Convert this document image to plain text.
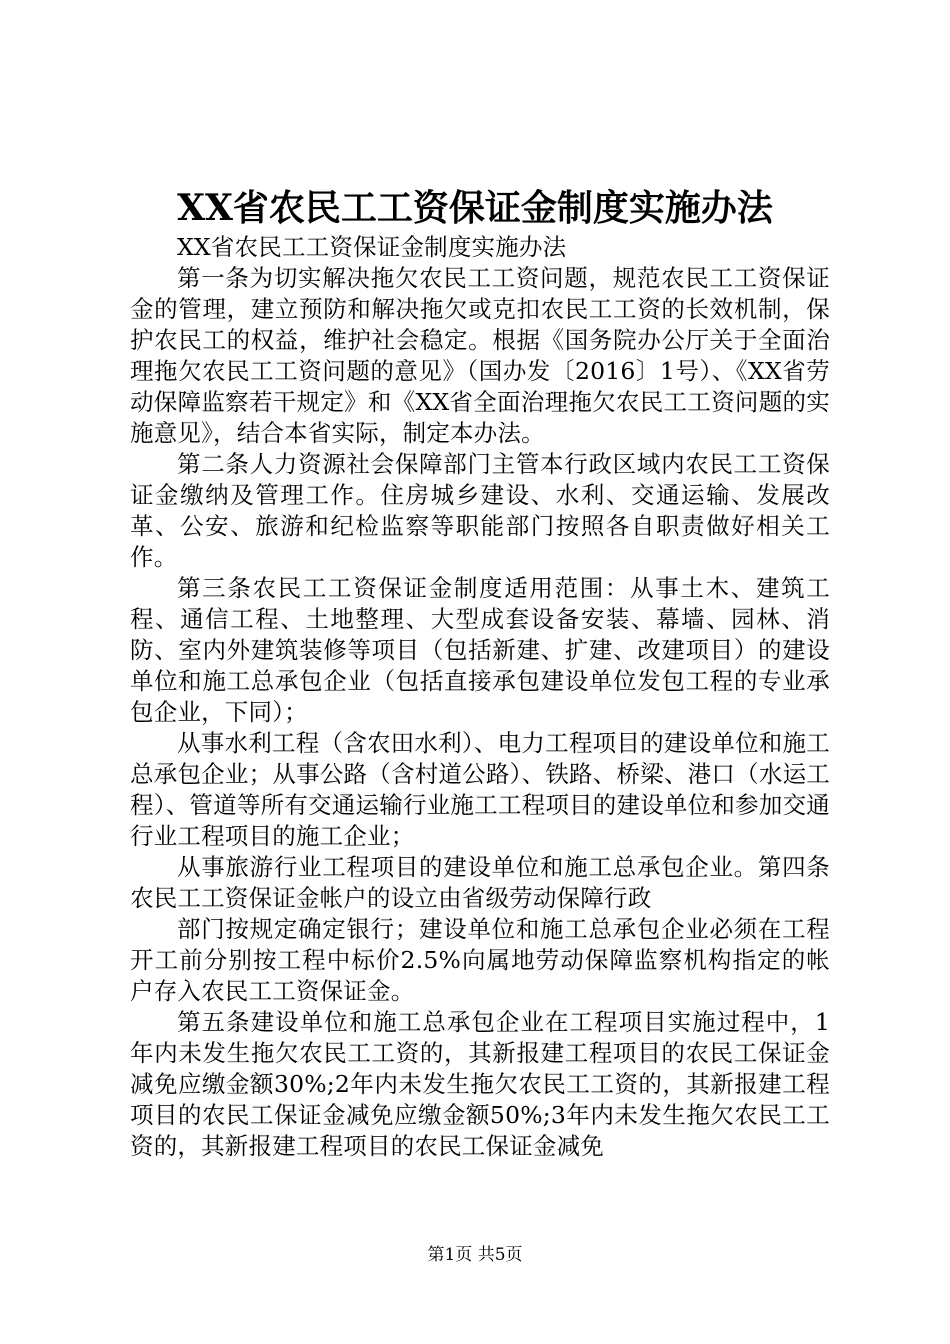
XX省农民工工资保证金制度实施办法

XX省农民工工资保证金制度实施办法

第一条为切实解决拖欠农民工工资问题，规范农民工工资保证金的管理，建立预防和解决拖欠或克扣农民工工资的长效机制，保护农民工的权益，维护社会稳定。根据《国务院办公厅关于全面治理拖欠农民工工资问题的意见》（国办发〔2016〕1号）、《XX省劳动保障监察若干规定》和《XX省全面治理拖欠农民工工资问题的实施意见》，结合本省实际，制定本办法。

第二条人力资源社会保障部门主管本行政区域内农民工工资保证金缴纳及管理工作。住房城乡建设、水利、交通运输、发展改革、公安、旅游和纪检监察等职能部门按照各自职责做好相关工作。

第三条农民工工资保证金制度适用范围：从事土木、建筑工程、通信工程、土地整理、大型成套设备安装、幕墙、园林、消防、室内外建筑装修等项目（包括新建、扩建、改建项目）的建设单位和施工总承包企业（包括直接承包建设单位发包工程的专业承包企业，下同）；

从事水利工程（含农田水利）、电力工程项目的建设单位和施工总承包企业；从事公路（含村道公路）、铁路、桥梁、港口（水运工程）、管道等所有交通运输行业施工工程项目的建设单位和参加交通行业工程项目的施工企业；

从事旅游行业工程项目的建设单位和施工总承包企业。第四条农民工工资保证金帐户的设立由省级劳动保障行政

部门按规定确定银行；建设单位和施工总承包企业必须在工程开工前分别按工程中标价2.5%向属地劳动保障监察机构指定的帐户存入农民工工资保证金。

第五条建设单位和施工总承包企业在工程项目实施过程中，1年内未发生拖欠农民工工资的，其新报建工程项目的农民工保证金减免应缴金额30%;2年内未发生拖欠农民工工资的，其新报建工程项目的农民工保证金减免应缴金额50%;3年内未发生拖欠农民工工资的，其新报建工程项目的农民工保证金减免

第1页 共5页
